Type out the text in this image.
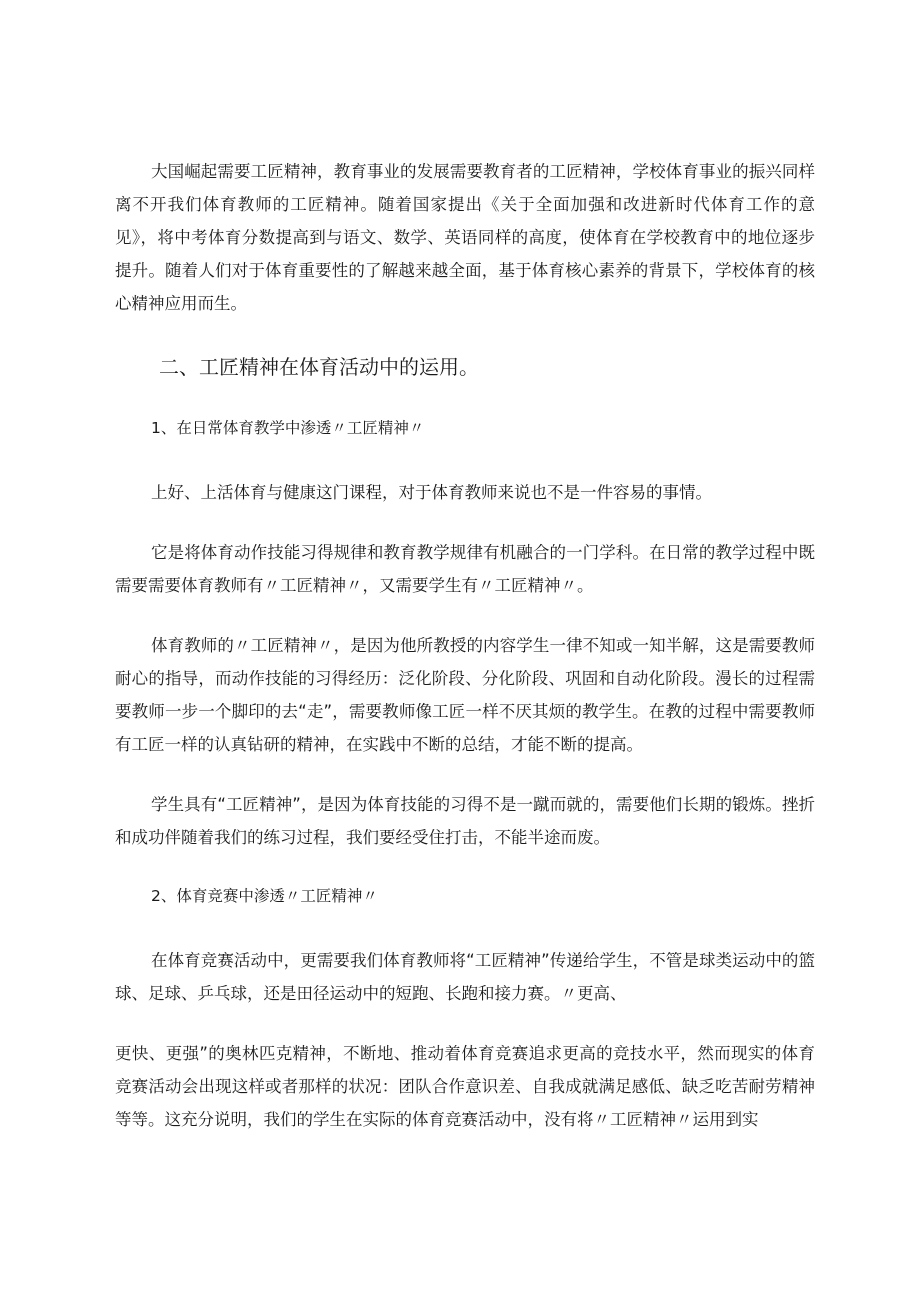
大国崛起需要工匠精神，教育事业的发展需要教育者的工匠精神，学校体育事业的振兴同样离不开我们体育教师的工匠精神。随着国家提出《关于全面加强和改进新时代体育工作的意见》，将中考体育分数提高到与语文、数学、英语同样的高度，使体育在学校教育中的地位逐步提升。随着人们对于体育重要性的了解越来越全面，基于体育核心素养的背景下，学校体育的核心精神应用而生。

二、工匠精神在体育活动中的运用。

1、在日常体育教学中渗透〃工匠精神〃

上好、上活体育与健康这门课程，对于体育教师来说也不是一件容易的事情。

它是将体育动作技能习得规律和教育教学规律有机融合的一门学科。在日常的教学过程中既需要需要体育教师有〃工匠精神〃，又需要学生有〃工匠精神〃。

体育教师的〃工匠精神〃，是因为他所教授的内容学生一律不知或一知半解，这是需要教师耐心的指导，而动作技能的习得经历：泛化阶段、分化阶段、巩固和自动化阶段。漫长的过程需要教师一步一个脚印的去“走”，需要教师像工匠一样不厌其烦的教学生。在教的过程中需要教师有工匠一样的认真钻研的精神，在实践中不断的总结，才能不断的提高。

学生具有“工匠精神”，是因为体育技能的习得不是一蹴而就的，需要他们长期的锻炼。挫折和成功伴随着我们的练习过程，我们要经受住打击，不能半途而废。

2、体育竞赛中渗透〃工匠精神〃

在体育竞赛活动中，更需要我们体育教师将“工匠精神”传递给学生，不管是球类运动中的篮球、足球、乒乓球，还是田径运动中的短跑、长跑和接力赛。〃更高、

更快、更强”的奥林匹克精神，不断地、推动着体育竞赛追求更高的竞技水平，然而现实的体育竞赛活动会出现这样或者那样的状况：团队合作意识差、自我成就满足感低、缺乏吃苦耐劳精神等等。这充分说明，我们的学生在实际的体育竞赛活动中，没有将〃工匠精神〃运用到实
